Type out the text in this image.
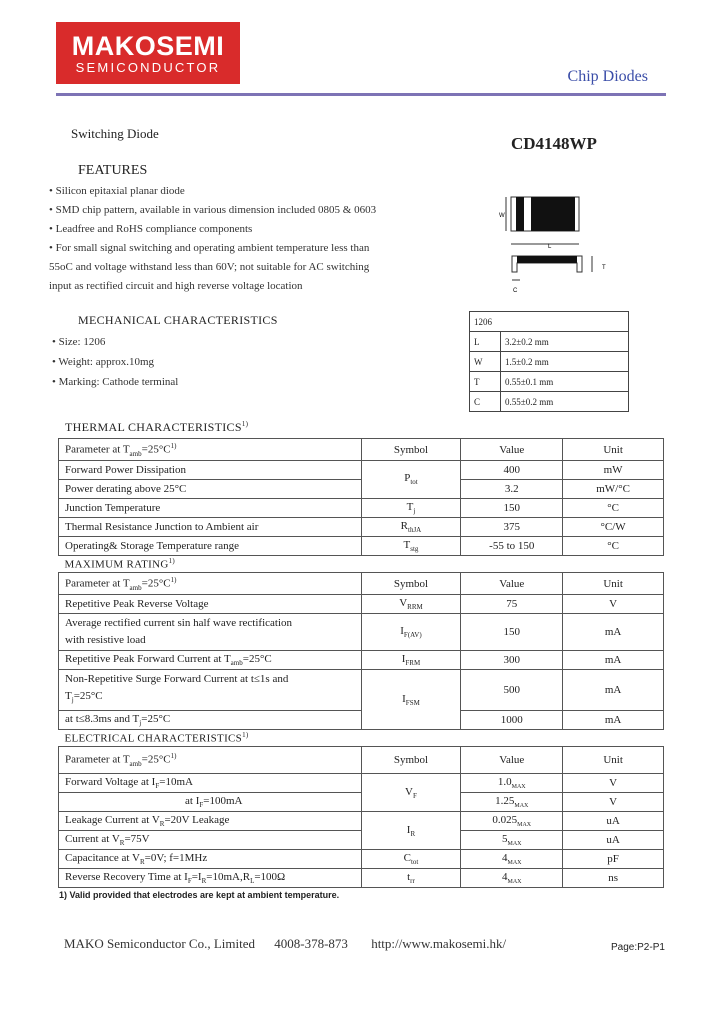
MAKOSEMI
SEMICONDUCTOR
Chip Diodes
Switching Diode
CD4148WP
FEATURES
• Silicon epitaxial planar diode
• SMD chip pattern, available in various dimension included 0805 & 0603
• Leadfree and RoHS compliance components
• For small signal switching and operating ambient temperature less than
55oC and voltage withstand less than 60V; not suitable for AC switching
input as rectified circuit and high reverse voltage location
W
L
T
C
MECHANICAL CHARACTERISTICS
• Size: 1206
• Weight: approx.10mg
• Marking: Cathode terminal
1206	
L	3.2±0.2 mm
W	1.5±0.2 mm
T	0.55±0.1 mm
C	0.55±0.2 mm
THERMAL CHARACTERISTICS$^{1)}$
Parameter at $T_{amb}=25^\circ C^{1)}$	Symbol	Value	Unit
Forward Power Dissipation	$P_{tot}$	400	mW
Power derating above 25°C		3.2	mW/°C
Junction Temperature	$T_j$	150	°C
Thermal Resistance Junction to Ambient air	$R_{thJA}$	375	°C/W
Operating& Storage Temperature range	$T_{stg}$	-55 to 150	°C
MAXIMUM RATING$^{1)}$
Parameter at $T_{amb}=25^\circ C^{1)}$	Symbol	Value	Unit
Repetitive Peak Reverse Voltage	$V_{RRM}$	75	V

Average rectified current sin half wave rectification
with resistive load	$I_{F(AV)}$	150	mA
Repetitive Peak Forward Current at $T_{amb}=25^\circ C$	$I_{FRM}$	300	mA

Non-Repetitive Surge Forward Current at t≤1s and
$T_j=25^\circ C$	$I_{FSM}$	500	mA
at t≤8.3ms and $T_j=25^\circ C$		1000	mA
ELECTRICAL CHARACTERISTICS$^{1)}$
Parameter at $T_{amb}=25^\circ C^{1)}$	Symbol	Value	Unit
Forward Voltage at $I_F=10mA$	$V_F$	$1.0_{MAX}$	V
at $I_F=100mA$		$1.25_{MAX}$	V
Leakage Current at $V_R=20V$ Leakage	$I_R$	$0.025_{MAX}$	uA
Current at $V_R=75V$		$5_{MAX}$	uA
Capacitance at $V_R=0V$; f=1MHz	$C_{tot}$	$4_{MAX}$	pF
Reverse Recovery Time at $I_F=I_R=10mA,R_L=100\Omega$	$t_{rr}$	$4_{MAX}$	ns
1) Valid provided that electrodes are kept at ambient temperature.
MAKO Semiconductor Co., Limited 4008-378-873 http://www.makosemi.hk/	Page:P2-P1
